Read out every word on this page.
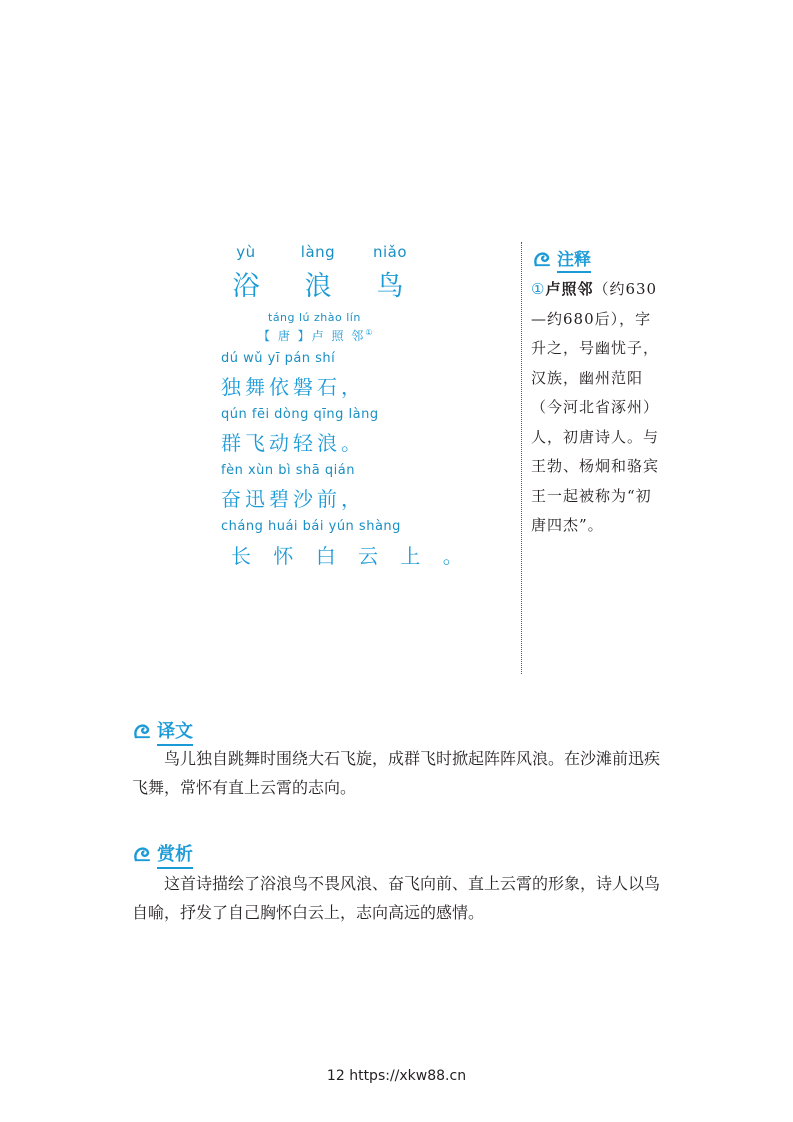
yù	làng	niǎo
浴 浪 鸟
táng lú zhào lín
【 唐 】卢 照 邻①
dú wǔ yī pán shí
独舞依磐石，
qún fēi dòng qīng làng
群飞动轻浪。
fèn xùn bì shā qián
奋迅碧沙前，
cháng huái bái yún shàng
长 怀 白 云 上 。
注释
①卢照邻（约630—约680后），字升之，号幽忧子，汉族，幽州范阳（今河北省涿州）人，初唐诗人。与王勃、杨炯和骆宾王一起被称为“初唐四杰”。
译文
鸟儿独自跳舞时围绕大石飞旋，成群飞时掀起阵阵风浪。在沙滩前迅疾飞舞，常怀有直上云霄的志向。
赏析
这首诗描绘了浴浪鸟不畏风浪、奋飞向前、直上云霄的形象，诗人以鸟自喻，抒发了自己胸怀白云上，志向高远的感情。
12 https://xkw88.cn
